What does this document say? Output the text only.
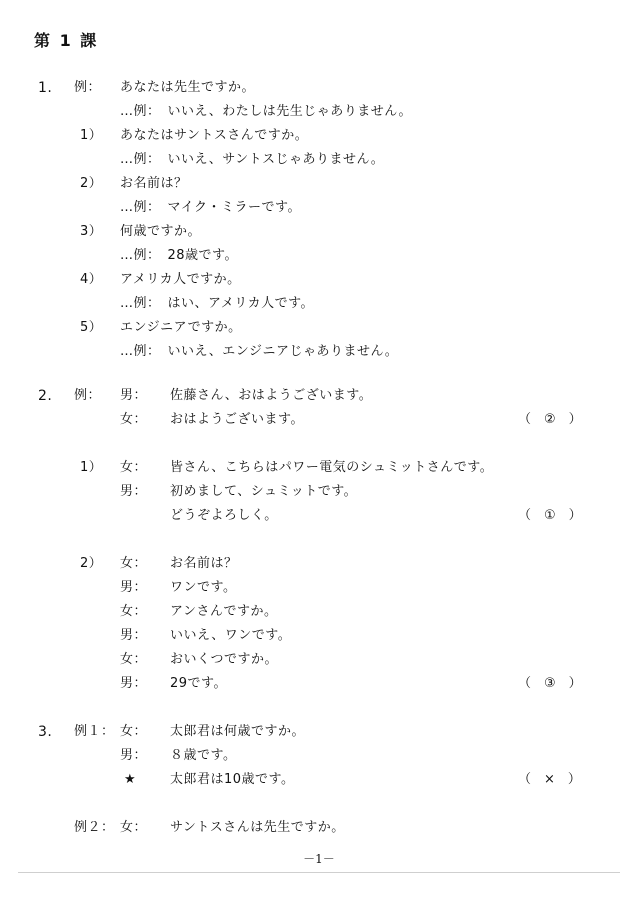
第 1 課
1. 例： あなたは先生ですか。
…例：　いいえ、わたしは先生じゃありません。
1） あなたはサントスさんですか。
…例：　いいえ、サントスじゃありません。
2） お名前は？
…例：　マイク・ミラーです。
3） 何歳ですか。
…例：　28歳です。
4） アメリカ人ですか。
…例：　はい、アメリカ人です。
5） エンジニアですか。
…例：　いいえ、エンジニアじゃありません。
2. 例： 男： 佐藤さん、おはようございます。
女： おはようございます。	（　②　）
1） 女： 皆さん、こちらはパワー電気のシュミットさんです。
男： 初めまして、シュミットです。
どうぞよろしく。	（　①　）
2） 女： お名前は？
男： ワンです。
女： アンさんですか。
男： いいえ、ワンです。
女： おいくつですか。
男： 29です。	（　③　）
3. 例１： 女： 太郎君は何歳ですか。
男： ８歳です。
★	太郎君は10歳です。	（　×　）
例２： 女： サントスさんは先生ですか。
－1－
